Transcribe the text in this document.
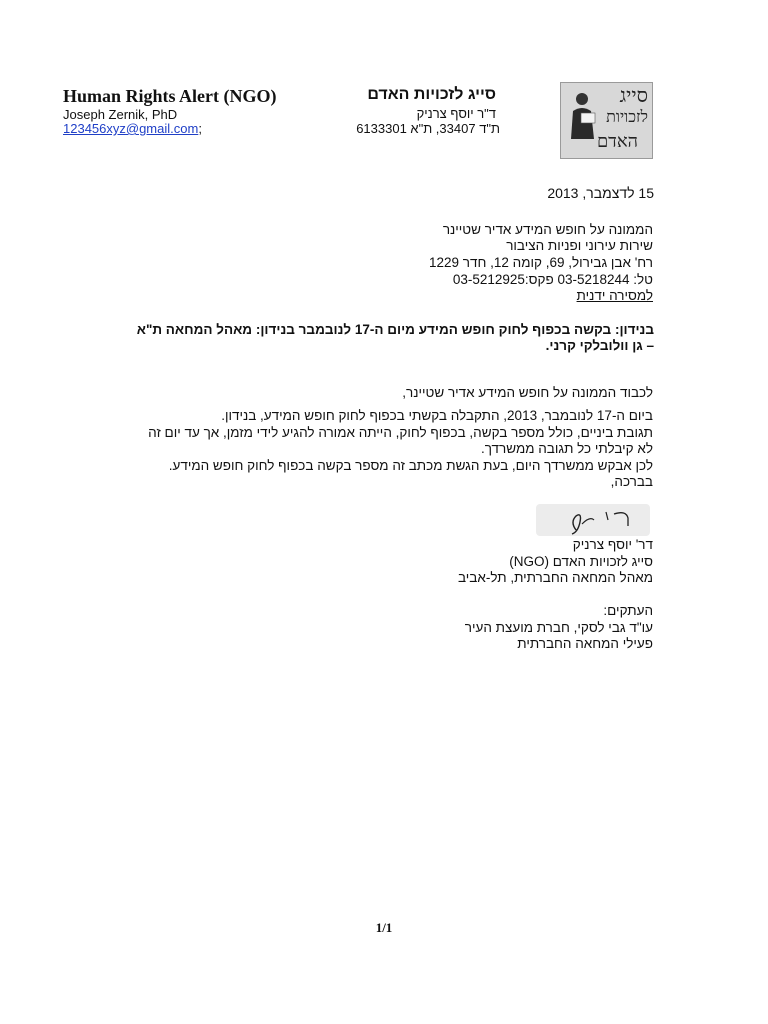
Human Rights Alert (NGO)
Joseph Zernik, PhD
123456xyz@gmail.com;
סייג לזכויות האדם
ד"ר יוסף צרניק
ת"ד 33407, ת"א 6133301
סייג
לזכויות
האדם
15 לדצמבר, 2013
הממונה על חופש המידע אדיר שטיינר
שירות עירוני ופניות הציבור
רח' אבן גבירול, 69, קומה 12, חדר 1229
טל: 03-5218244 פקס:03-5212925
למסירה ידנית
בנידון: בקשה בכפוף לחוק חופש המידע מיום ה-17 לנובמבר בנידון: מאהל המחאה ת"א
– גן וולובלקי קרני.
לכבוד הממונה על חופש המידע אדיר שטיינר,
ביום ה-17 לנובמבר, 2013, התקבלה בקשתי בכפוף לחוק חופש המידע, בנידון.
תגובת ביניים, כולל מספר בקשה, בכפוף לחוק, הייתה אמורה להגיע לידי מזמן, אך עד יום זה
לא קיבלתי כל תגובה ממשרדך.
לכן אבקש ממשרדך היום, בעת הגשת מכתב זה מספר בקשה בכפוף לחוק חופש המידע.
בברכה,
דר' יוסף צרניק
סייג לזכויות האדם (NGO)
מאהל המחאה החברתית, תל-אביב
העתקים:
עו"ד גבי לסקי, חברת מועצת העיר
פעילי המחאה החברתית
1/1
